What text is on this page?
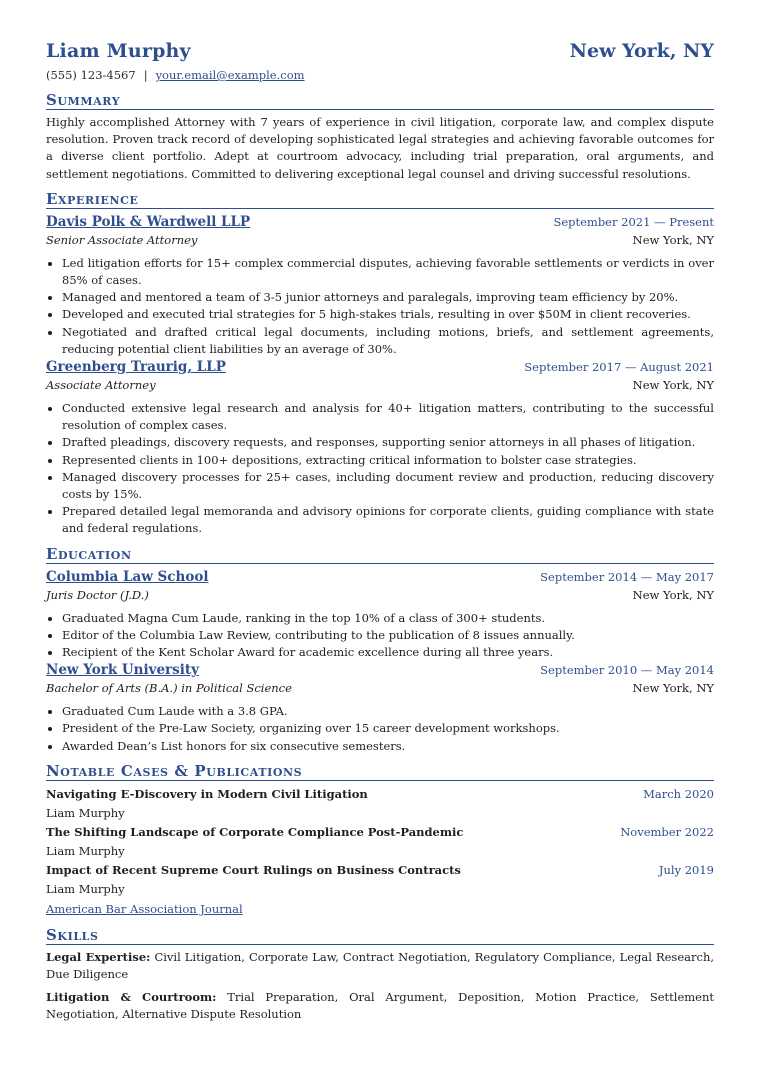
Liam Murphy	New York, NY
(555) 123-4567 | your.email@example.com
Summary
Highly accomplished Attorney with 7 years of experience in civil litigation, corporate law, and complex dispute resolution. Proven track record of developing sophisticated legal strategies and achieving favorable outcomes for a diverse client portfolio. Adept at courtroom advocacy, including trial preparation, oral arguments, and settlement negotiations. Committed to delivering exceptional legal counsel and driving successful resolutions.
Experience
Davis Polk & Wardwell LLP	September 2021 — Present
Senior Associate Attorney	New York, NY
• Led litigation efforts for 15+ complex commercial disputes, achieving favorable settlements or verdicts in over 85% of cases.
• Managed and mentored a team of 3-5 junior attorneys and paralegals, improving team efficiency by 20%.
• Developed and executed trial strategies for 5 high-stakes trials, resulting in over $50M in client recoveries.
• Negotiated and drafted critical legal documents, including motions, briefs, and settlement agreements, reducing potential client liabilities by an average of 30%.
Greenberg Traurig, LLP	September 2017 — August 2021
Associate Attorney	New York, NY
• Conducted extensive legal research and analysis for 40+ litigation matters, contributing to the successful resolution of complex cases.
• Drafted pleadings, discovery requests, and responses, supporting senior attorneys in all phases of litigation.
• Represented clients in 100+ depositions, extracting critical information to bolster case strategies.
• Managed discovery processes for 25+ cases, including document review and production, reducing discovery costs by 15%.
• Prepared detailed legal memoranda and advisory opinions for corporate clients, guiding compliance with state and federal regulations.
Education
Columbia Law School	September 2014 — May 2017
Juris Doctor (J.D.)	New York, NY
• Graduated Magna Cum Laude, ranking in the top 10% of a class of 300+ students.
• Editor of the Columbia Law Review, contributing to the publication of 8 issues annually.
• Recipient of the Kent Scholar Award for academic excellence during all three years.
New York University	September 2010 — May 2014
Bachelor of Arts (B.A.) in Political Science	New York, NY
• Graduated Cum Laude with a 3.8 GPA.
• President of the Pre-Law Society, organizing over 15 career development workshops.
• Awarded Dean’s List honors for six consecutive semesters.
Notable Cases & Publications
Navigating E-Discovery in Modern Civil Litigation	March 2020
Liam Murphy
The Shifting Landscape of Corporate Compliance Post-Pandemic	November 2022
Liam Murphy
Impact of Recent Supreme Court Rulings on Business Contracts	July 2019
Liam Murphy
American Bar Association Journal
Skills
Legal Expertise: Civil Litigation, Corporate Law, Contract Negotiation, Regulatory Compliance, Legal Research, Due Diligence
Litigation & Courtroom: Trial Preparation, Oral Argument, Deposition, Motion Practice, Settlement Negotiation, Alternative Dispute Resolution
